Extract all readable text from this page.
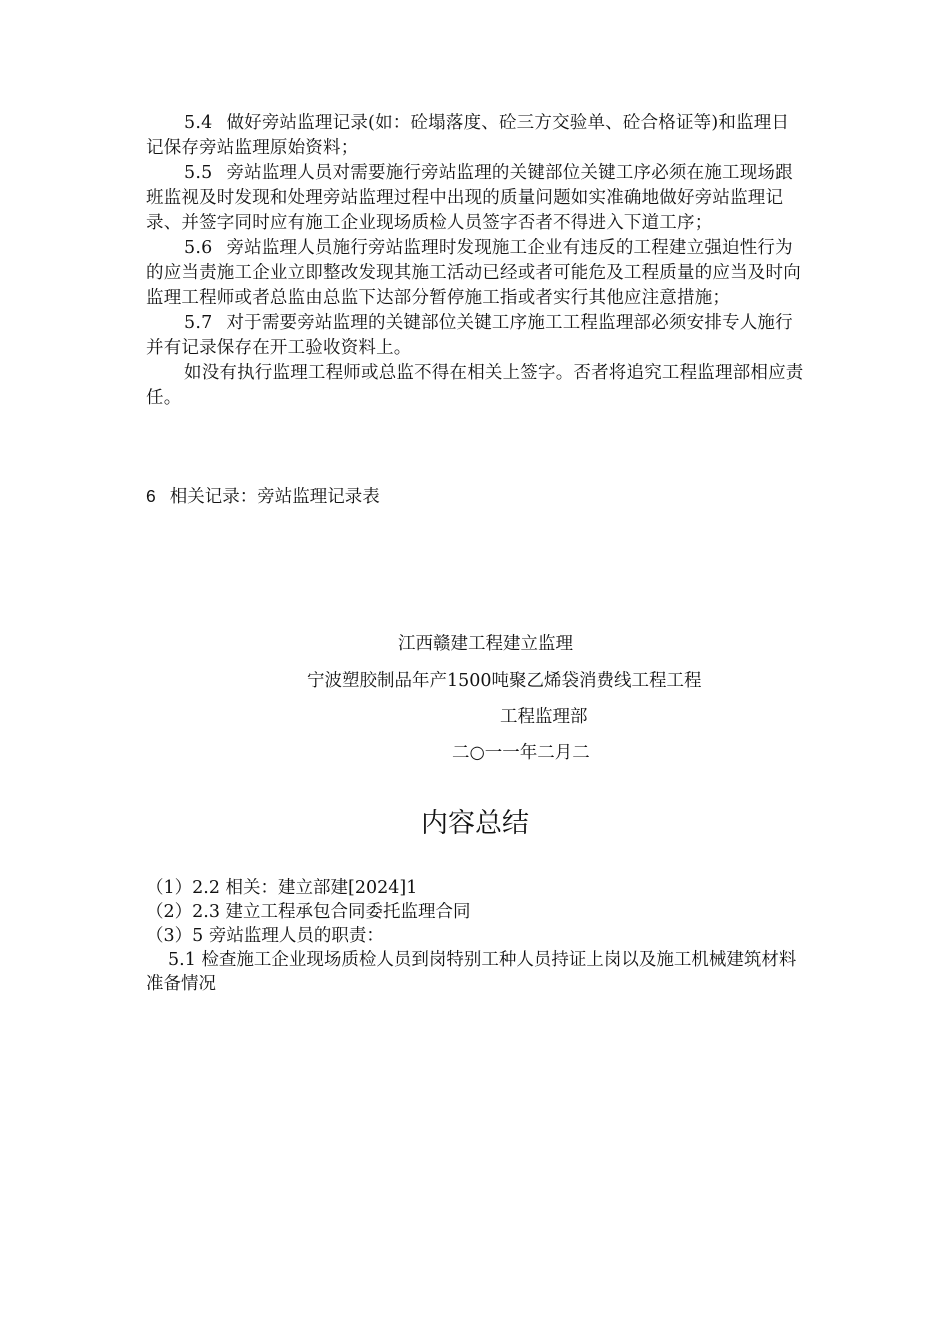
5.4 做好旁站监理记录(如：砼塌落度、砼三方交验单、砼合格证等)和监理日记保存旁站监理原始资料；

5.5 旁站监理人员对需要施行旁站监理的关键部位关键工序必须在施工现场跟班监视及时发现和处理旁站监理过程中出现的质量问题如实准确地做好旁站监理记录、并签字同时应有施工企业现场质检人员签字否者不得进入下道工序；

5.6 旁站监理人员施行旁站监理时发现施工企业有违反的工程建立强迫性行为的应当责施工企业立即整改发现其施工活动已经或者可能危及工程质量的应当及时向监理工程师或者总监由总监下达部分暂停施工指或者实行其他应注意措施；

5.7 对于需要旁站监理的关键部位关键工序施工工程监理部必须安排专人施行并有记录保存在开工验收资料上。

如没有执行监理工程师或总监不得在相关上签字。否者将追究工程监理部相应责任。

6 相关记录：旁站监理记录表
江西赣建工程建立监理
宁波塑胶制品年产1500吨聚乙烯袋消费线工程工程
工程监理部
二○一一年二月二
内容总结

（1）2.2 相关：建立部建[2024]1

（2）2.3 建立工程承包合同委托监理合同

（3）5 旁站监理人员的职责：

5.1 检查施工企业现场质检人员到岗特别工种人员持证上岗以及施工机械建筑材料准备情况
